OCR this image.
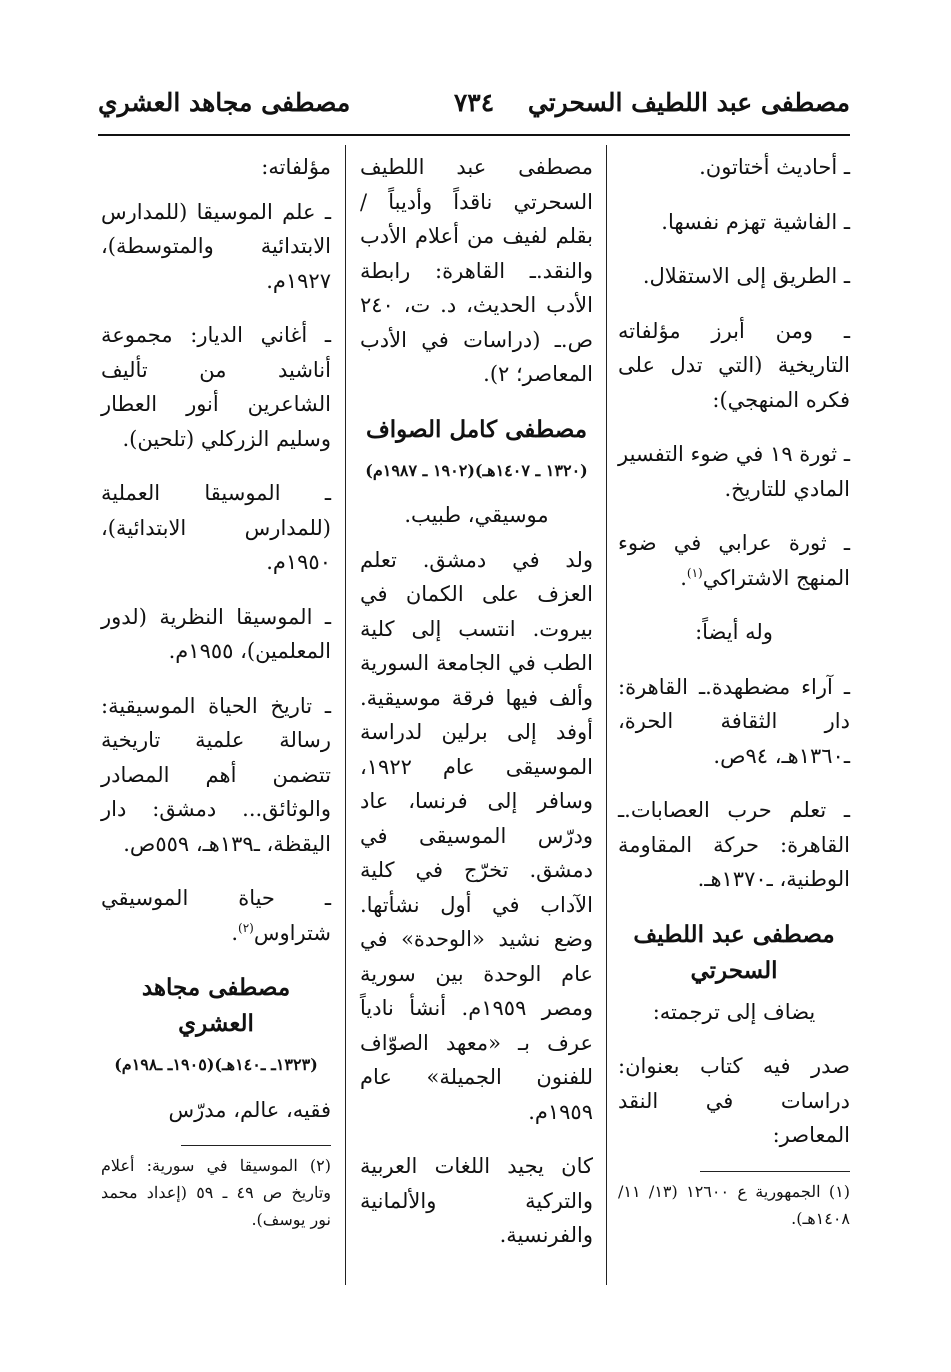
مصطفى عبد اللطيف السحرتي
٧٣٤
مصطفى مجاهد العشري

ـ أحاديث أختاتون.

ـ الفاشية تهزم نفسها.

ـ الطريق إلى الاستقلال.

ـ ومن أبرز مؤلفاته التاريخية (التي تدل على فكره المنهجي):

ـ ثورة ١٩ في ضوء التفسير المادي للتاريخ.

ـ ثورة عرابي في ضوء المنهج الاشتراكي$^{(١)}$.

وله أيضاً:

ـ آراء مضطهدة.ـ القاهرة: دار الثقافة الحرة، ـ١٣٦٠هـ، ٩٤ص.

ـ تعلم حرب العصابات.ـ القاهرة: حركة المقاومة الوطنية، ـ١٣٧٠هـ.

مصطفى عبد اللطيف السحرتي

يضاف إلى ترجمته:

صدر فيه كتاب بعنوان: دراسات في النقد المعاصر:

(١) الجمهورية ع ١٢٦٠٠ (١٣/ ١١/ ١٤٠٨هـ).

مصطفى عبد اللطيف السحرتي ناقداً وأديباً / بقلم لفيف من أعلام الأدب والنقد.ـ القاهرة: رابطة الأدب الحديث، د. ت، ٢٤٠ ص.ـ (دراسات في الأدب المعاصر؛ ٢).

مصطفى كامل الصواف

(١٣٢٠ ـ ١٤٠٧هـ)(١٩٠٢ ـ ١٩٨٧م)

موسيقي، طبيب.

ولد في دمشق. تعلم العزف على الكمان في بيروت. انتسب إلى كلية الطب في الجامعة السورية وألف فيها فرقة موسيقية. أوفد إلى برلين لدراسة الموسيقى عام ١٩٢٢، وسافر إلى فرنسا، عاد ودرّس الموسيقى في دمشق. تخرّج في كلية الآداب في أول نشأتها. وضع نشيد «الوحدة» في عام الوحدة بين سورية ومصر ١٩٥٩م. أنشأ نادياً عرف بـ «معهد الصوّاف للفنون الجميلة» عام ١٩٥٩م.

كان يجيد اللغات العربية والتركية والألمانية والفرنسية.

مؤلفاته:

ـ علم الموسيقا (للمدارس الابتدائية والمتوسطة)، ١٩٢٧م.

ـ أغاني الديار: مجموعة أناشيد من تأليف الشاعرين أنور العطار وسليم الزركلي (تلحين).

ـ الموسيقا العملية (للمدارس الابتدائية)، ١٩٥٠م.

ـ الموسيقا النظرية (لدور المعلمين)، ١٩٥٥م.

ـ تاريخ الحياة الموسيقية: رسالة علمية تاريخية تتضمن أهم المصادر والوثائق... دمشق: دار اليقظة، ـ١٣٩هـ، ٥٥٩ص.

ـ حياة الموسيقي شتراوس$^{(٢)}$.

مصطفى مجاهد العشري

(١٣٢٣ـ ـ١٤٠هـ)(١٩٠٥ـ ـ١٩٨م)

فقيه، عالم، مدرّس

(٢) الموسيقا في سورية: أعلام وتاريخ ص ٤٩ ـ ٥٩ (إعداد محمد نور يوسف).
